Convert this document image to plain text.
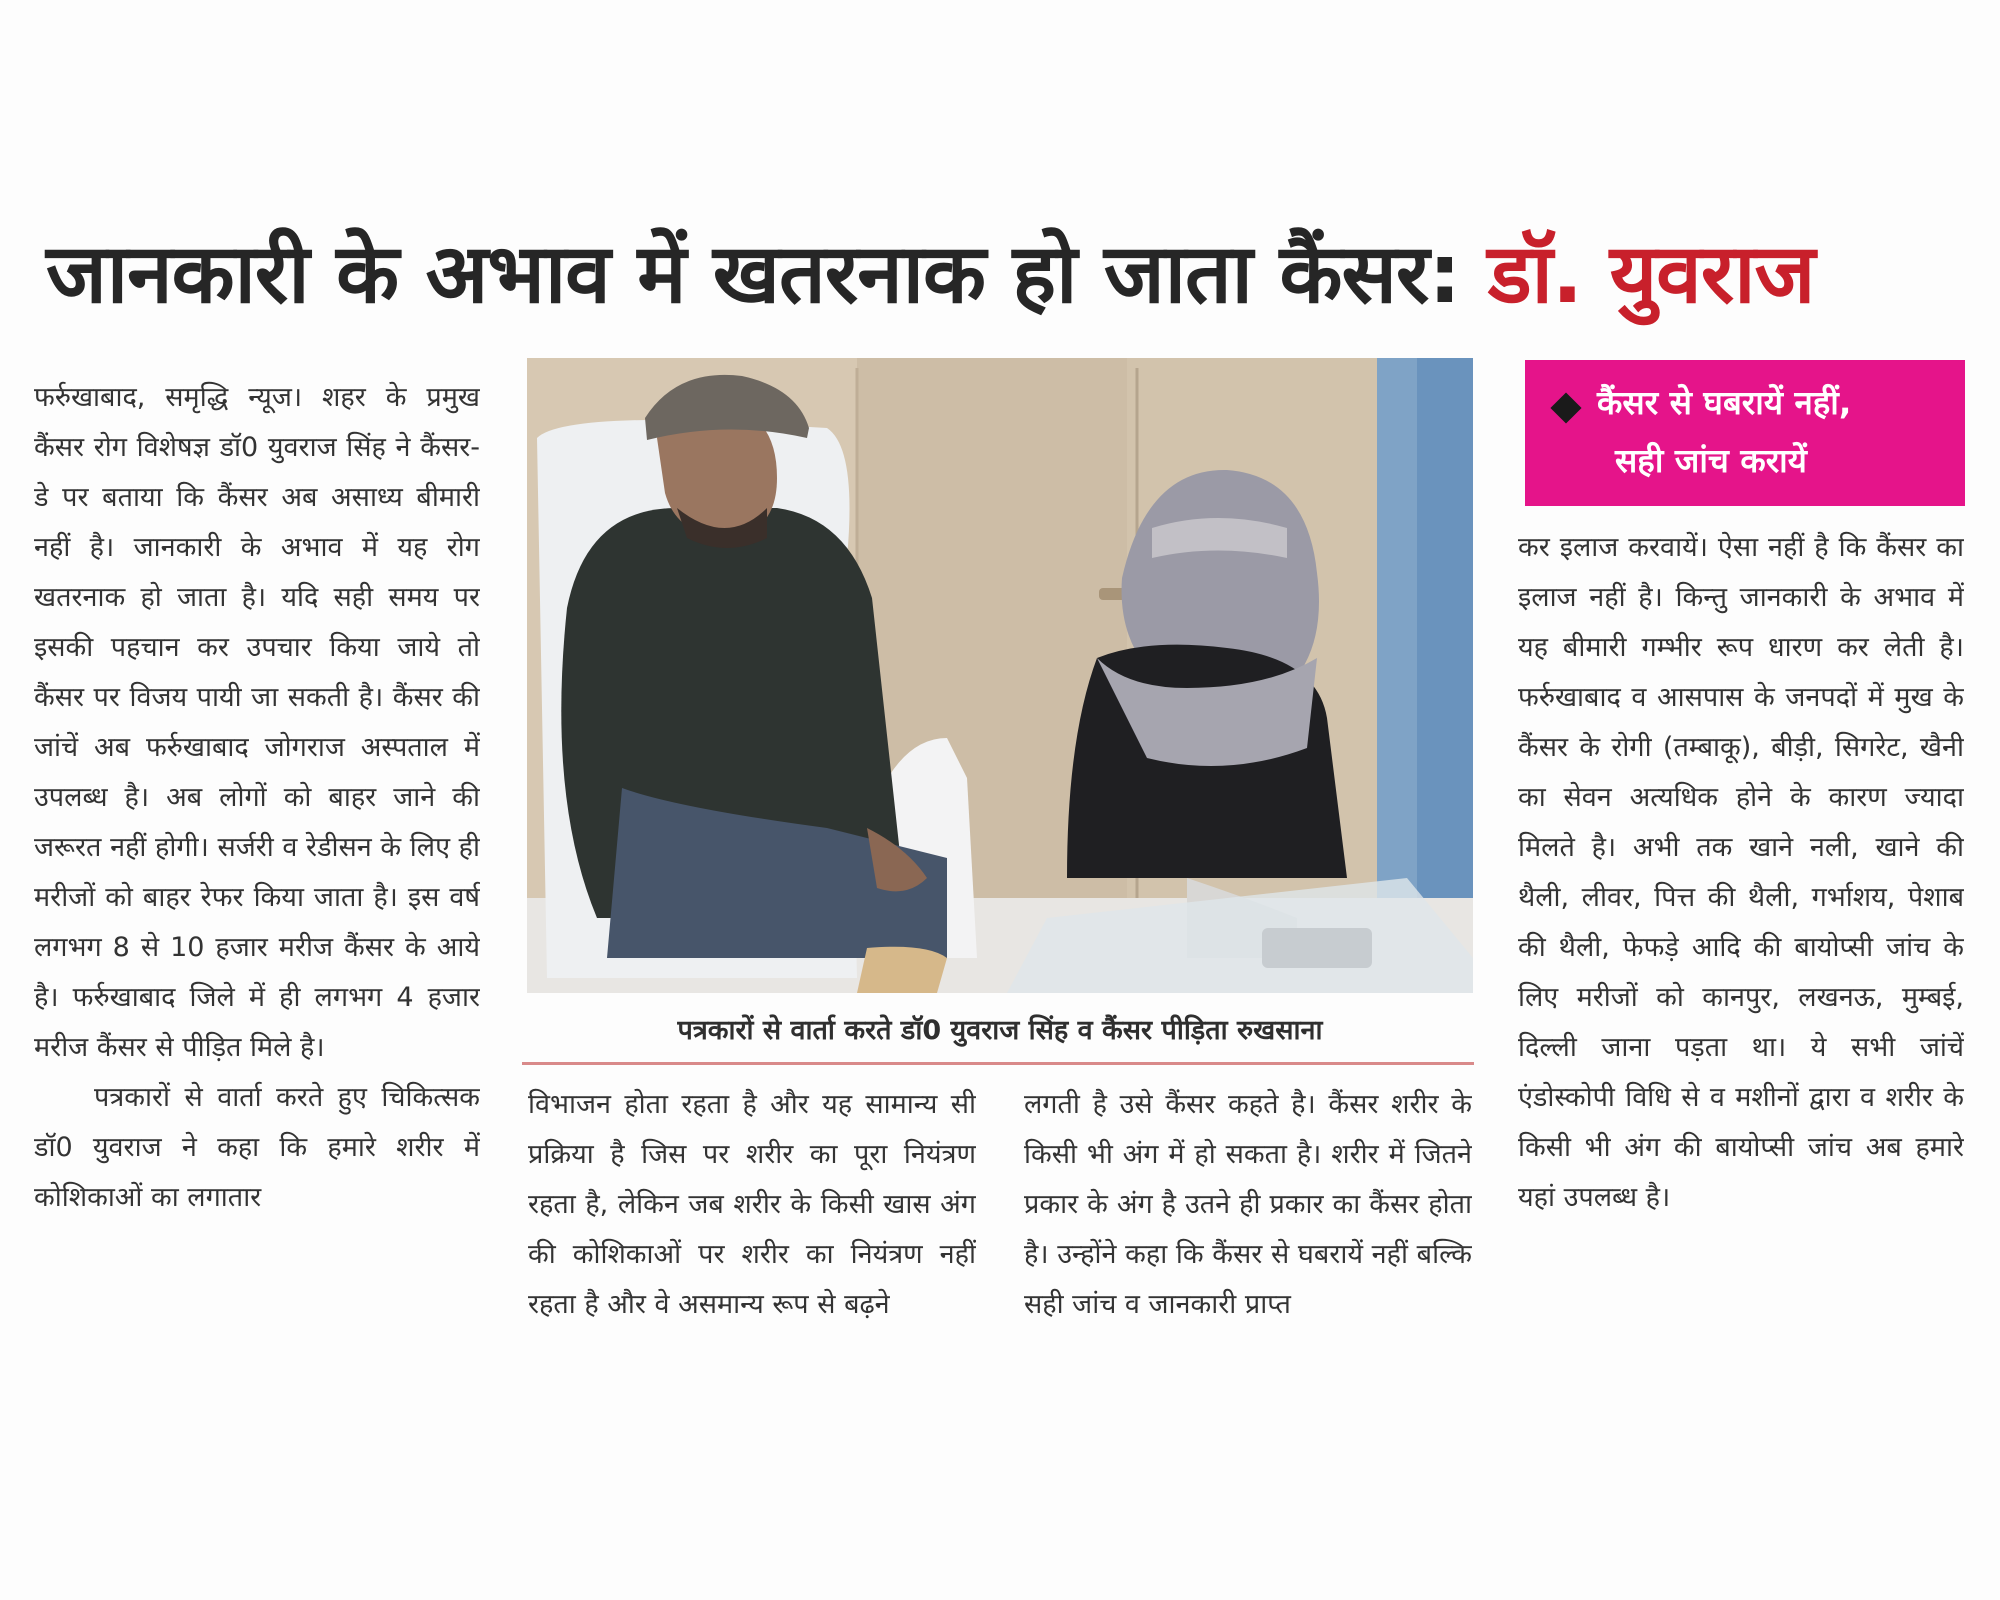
जानकारी के अभाव में खतरनाक हो जाता कैंसर: डॉ. युवराज

फर्रुखाबाद, समृद्धि न्यूज। शहर के प्रमुख कैंसर रोग विशेषज्ञ डॉ0 युवराज सिंह ने कैंसर-डे पर बताया कि कैंसर अब असाध्य बीमारी नहीं है। जानकारी के अभाव में यह रोग खतरनाक हो जाता है। यदि सही समय पर इसकी पहचान कर उपचार किया जाये तो कैंसर पर विजय पायी जा सकती है। कैंसर की जांचें अब फर्रुखाबाद जोगराज अस्पताल में उपलब्ध है। अब लोगों को बाहर जाने की जरूरत नहीं होगी। सर्जरी व रेडीसन के लिए ही मरीजों को बाहर रेफर किया जाता है। इस वर्ष लगभग 8 से 10 हजार मरीज कैंसर के आये है। फर्रुखाबाद जिले में ही लगभग 4 हजार मरीज कैंसर से पीड़ित मिले है।

पत्रकारों से वार्ता करते हुए चिकित्सक डॉ0 युवराज ने कहा कि हमारे शरीर में कोशिकाओं का लगातार

पत्रकारों से वार्ता करते डॉ0 युवराज सिंह व कैंसर पीड़िता रुखसाना

विभाजन होता रहता है और यह सामान्य सी प्रक्रिया है जिस पर शरीर का पूरा नियंत्रण रहता है, लेकिन जब शरीर के किसी खास अंग की कोशिकाओं पर शरीर का नियंत्रण नहीं रहता है और वे असमान्य रूप से बढ़ने

लगती है उसे कैंसर कहते है। कैंसर शरीर के किसी भी अंग में हो सकता है। शरीर में जितने प्रकार के अंग है उतने ही प्रकार का कैंसर होता है। उन्होंने कहा कि कैंसर से घबरायें नहीं बल्कि सही जांच व जानकारी प्राप्त

कैंसर से घबरायें नहीं,
सही जांच करायें

कर इलाज करवायें। ऐसा नहीं है कि कैंसर का इलाज नहीं है। किन्तु जानकारी के अभाव में यह बीमारी गम्भीर रूप धारण कर लेती है। फर्रुखाबाद व आसपास के जनपदों में मुख के कैंसर के रोगी (तम्बाकू), बीड़ी, सिगरेट, खैनी का सेवन अत्यधिक होने के कारण ज्यादा मिलते है। अभी तक खाने नली, खाने की थैली, लीवर, पित्त की थैली, गर्भाशय, पेशाब की थैली, फेफड़े आदि की बायोप्सी जांच के लिए मरीजों को कानपुर, लखनऊ, मुम्बई, दिल्ली जाना पड़ता था। ये सभी जांचें एंडोस्कोपी विधि से व मशीनों द्वारा व शरीर के किसी भी अंग की बायोप्सी जांच अब हमारे यहां उपलब्ध है।
